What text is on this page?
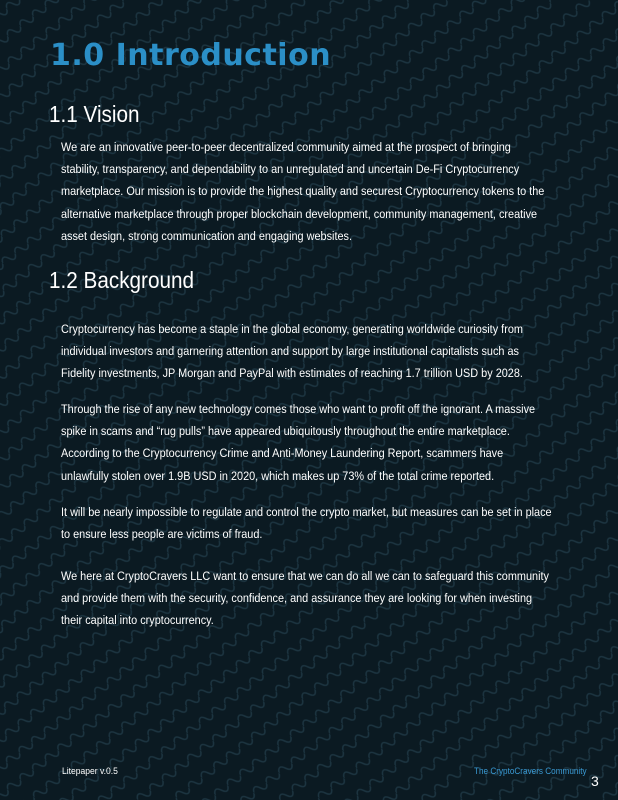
1.0 Introduction
1.1 Vision

We are an innovative peer-to-peer decentralized community aimed at the prospect of bringing stability, transparency, and dependability to an unregulated and uncertain De-Fi Cryptocurrency marketplace. Our mission is to provide the highest quality and securest Cryptocurrency tokens to the alternative marketplace through proper blockchain development, community management, creative asset design, strong communication and engaging websites.

1.2 Background

Cryptocurrency has become a staple in the global economy, generating worldwide curiosity from individual investors and garnering attention and support by large institutional capitalists such as Fidelity investments, JP Morgan and PayPal with estimates of reaching 1.7 trillion USD by 2028.

Through the rise of any new technology comes those who want to profit off the ignorant. A massive spike in scams and “rug pulls” have appeared ubiquitously throughout the entire marketplace. According to the Cryptocurrency Crime and Anti-Money Laundering Report, scammers have unlawfully stolen over 1.9B USD in 2020, which makes up 73% of the total crime reported.

It will be nearly impossible to regulate and control the crypto market, but measures can be set in place to ensure less people are victims of fraud.

We here at CryptoCravers LLC want to ensure that we can do all we can to safeguard this community and provide them with the security, confidence, and assurance they are looking for when investing their capital into cryptocurrency.

Litepaper v.0.5	The CryptoCravers Community
3
